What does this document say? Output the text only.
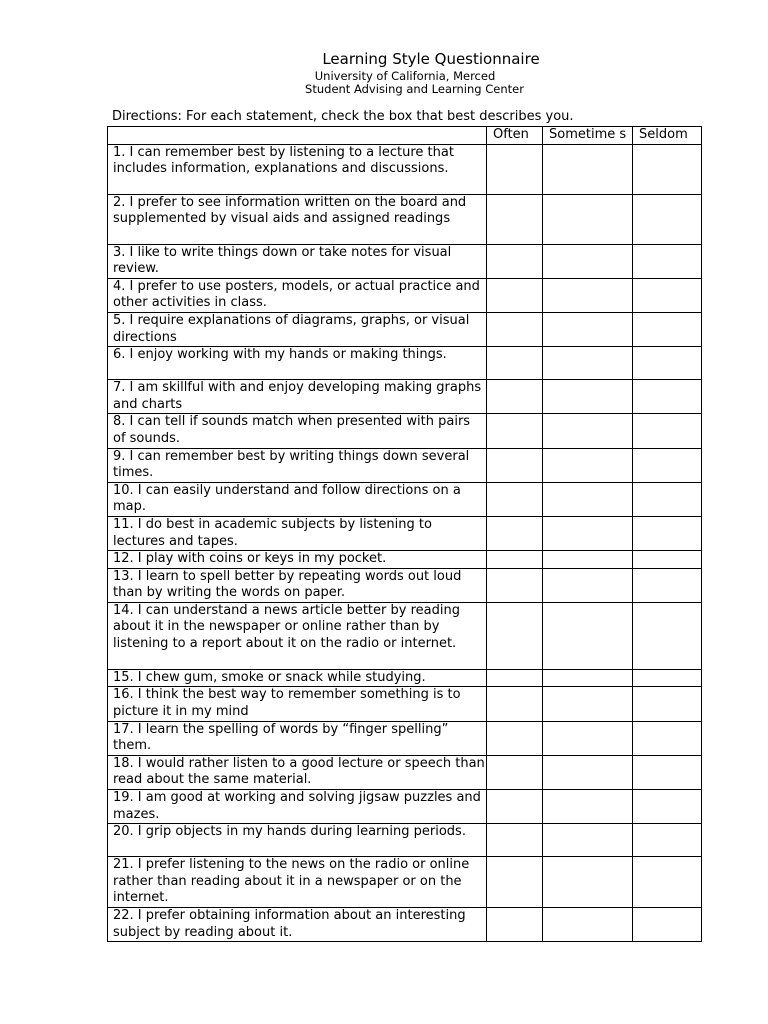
Learning Style Questionnaire
University of California, Merced
Student Advising and Learning Center
Directions: For each statement, check the box that best describes you.
	Often	Sometime s	Seldom
1. I can remember best by listening to a lecture that includes information, explanations and discussions.			
2. I prefer to see information written on the board and supplemented by visual aids and assigned readings			
3. I like to write things down or take notes for visual review.			
4. I prefer to use posters, models, or actual practice and other activities in class.			
5. I require explanations of diagrams, graphs, or visual directions			
6. I enjoy working with my hands or making things.			
7. I am skillful with and enjoy developing making graphs and charts			
8. I can tell if sounds match when presented with pairs of sounds.			
9. I can remember best by writing things down several times.			
10. I can easily understand and follow directions on a map.			
11. I do best in academic subjects by listening to lectures and tapes.			
12. I play with coins or keys in my pocket.			
13. I learn to spell better by repeating words out loud than by writing the words on paper.			
14. I can understand a news article better by reading about it in the newspaper or online rather than by listening to a report about it on the radio or internet.			
15. I chew gum, smoke or snack while studying.			
16. I think the best way to remember something is to picture it in my mind			
17. I learn the spelling of words by “finger spelling” them.			
18. I would rather listen to a good lecture or speech than read about the same material.			
19. I am good at working and solving jigsaw puzzles and mazes.			
20. I grip objects in my hands during learning periods.			
21. I prefer listening to the news on the radio or online rather than reading about it in a newspaper or on the internet.			
22. I prefer obtaining information about an interesting subject by reading about it.			
